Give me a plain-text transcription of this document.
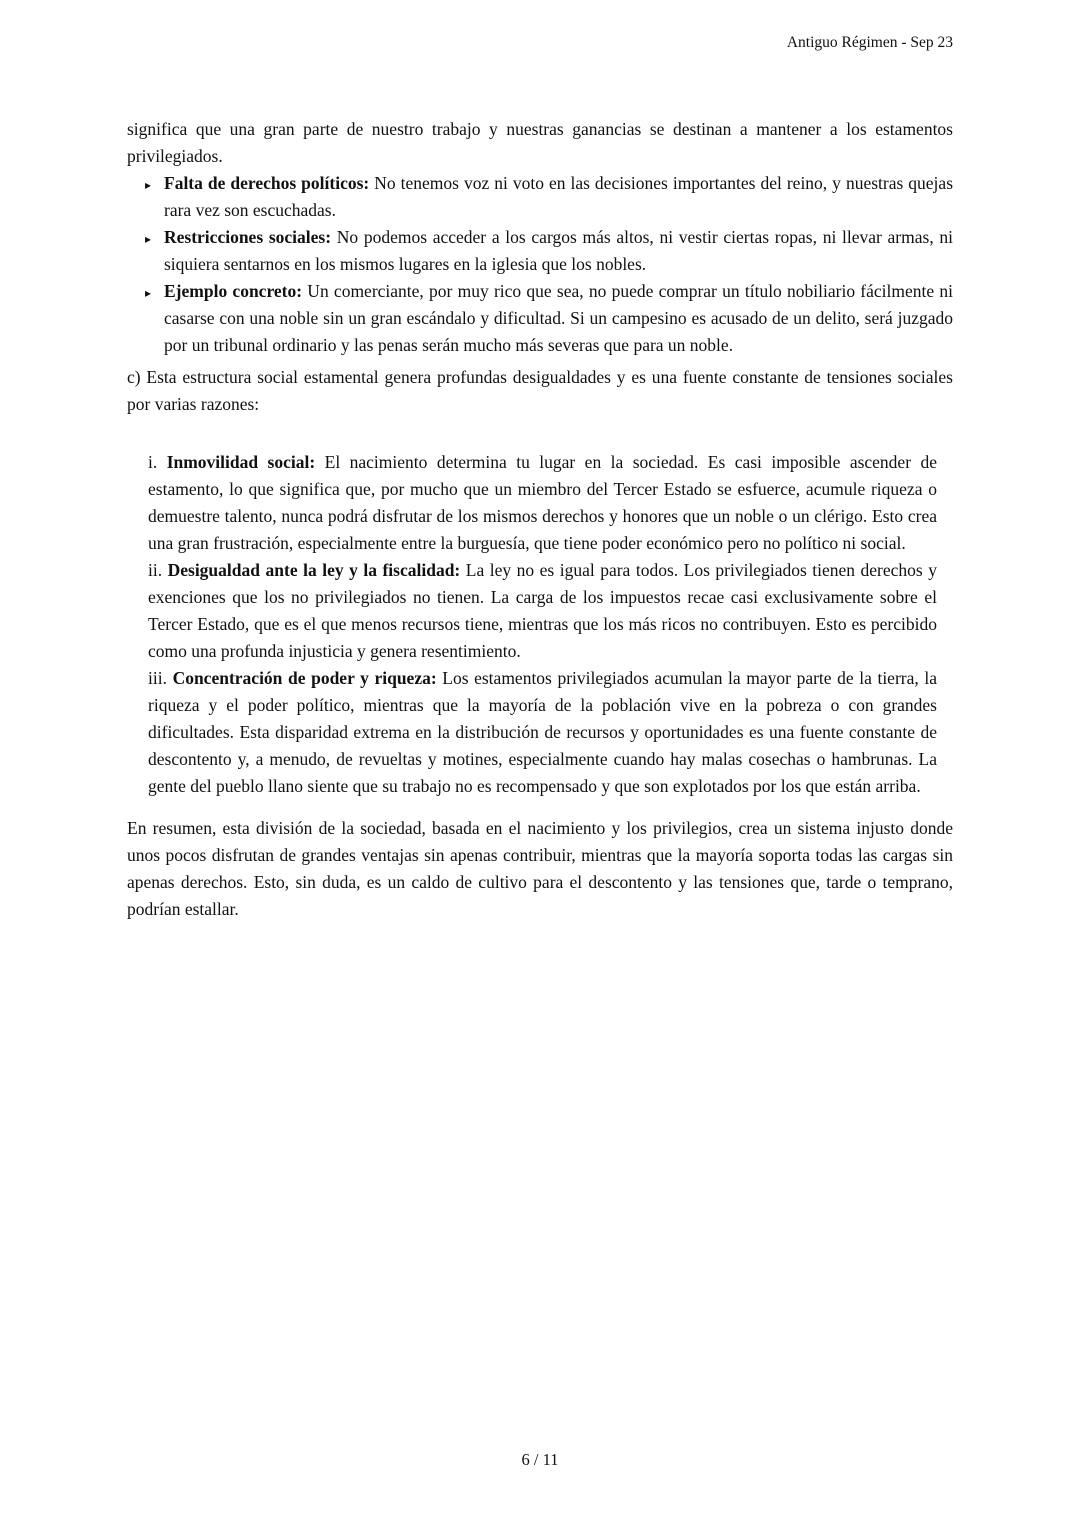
Antiguo Régimen - Sep 23

significa que una gran parte de nuestro trabajo y nuestras ganancias se destinan a mantener a los estamentos privilegiados.

▸ Falta de derechos políticos: No tenemos voz ni voto en las decisiones importantes del reino, y nuestras quejas rara vez son escuchadas.
▸ Restricciones sociales: No podemos acceder a los cargos más altos, ni vestir ciertas ropas, ni llevar armas, ni siquiera sentarnos en los mismos lugares en la iglesia que los nobles.
▸ Ejemplo concreto: Un comerciante, por muy rico que sea, no puede comprar un título nobiliario fácilmente ni casarse con una noble sin un gran escándalo y dificultad. Si un campesino es acusado de un delito, será juzgado por un tribunal ordinario y las penas serán mucho más severas que para un noble.

c) Esta estructura social estamental genera profundas desigualdades y es una fuente constante de tensiones sociales por varias razones:

i. Inmovilidad social: El nacimiento determina tu lugar en la sociedad. Es casi imposible ascender de estamento, lo que significa que, por mucho que un miembro del Tercer Estado se esfuerce, acumule riqueza o demuestre talento, nunca podrá disfrutar de los mismos derechos y honores que un noble o un clérigo. Esto crea una gran frustración, especialmente entre la burguesía, que tiene poder económico pero no político ni social.

ii. Desigualdad ante la ley y la fiscalidad: La ley no es igual para todos. Los privilegiados tienen derechos y exenciones que los no privilegiados no tienen. La carga de los impuestos recae casi exclusivamente sobre el Tercer Estado, que es el que menos recursos tiene, mientras que los más ricos no contribuyen. Esto es percibido como una profunda injusticia y genera resentimiento.

iii. Concentración de poder y riqueza: Los estamentos privilegiados acumulan la mayor parte de la tierra, la riqueza y el poder político, mientras que la mayoría de la población vive en la pobreza o con grandes dificultades. Esta disparidad extrema en la distribución de recursos y oportunidades es una fuente constante de descontento y, a menudo, de revueltas y motines, especialmente cuando hay malas cosechas o hambrunas. La gente del pueblo llano siente que su trabajo no es recompensado y que son explotados por los que están arriba.

En resumen, esta división de la sociedad, basada en el nacimiento y los privilegios, crea un sistema injusto donde unos pocos disfrutan de grandes ventajas sin apenas contribuir, mientras que la mayoría soporta todas las cargas sin apenas derechos. Esto, sin duda, es un caldo de cultivo para el descontento y las tensiones que, tarde o temprano, podrían estallar.

6 / 11
